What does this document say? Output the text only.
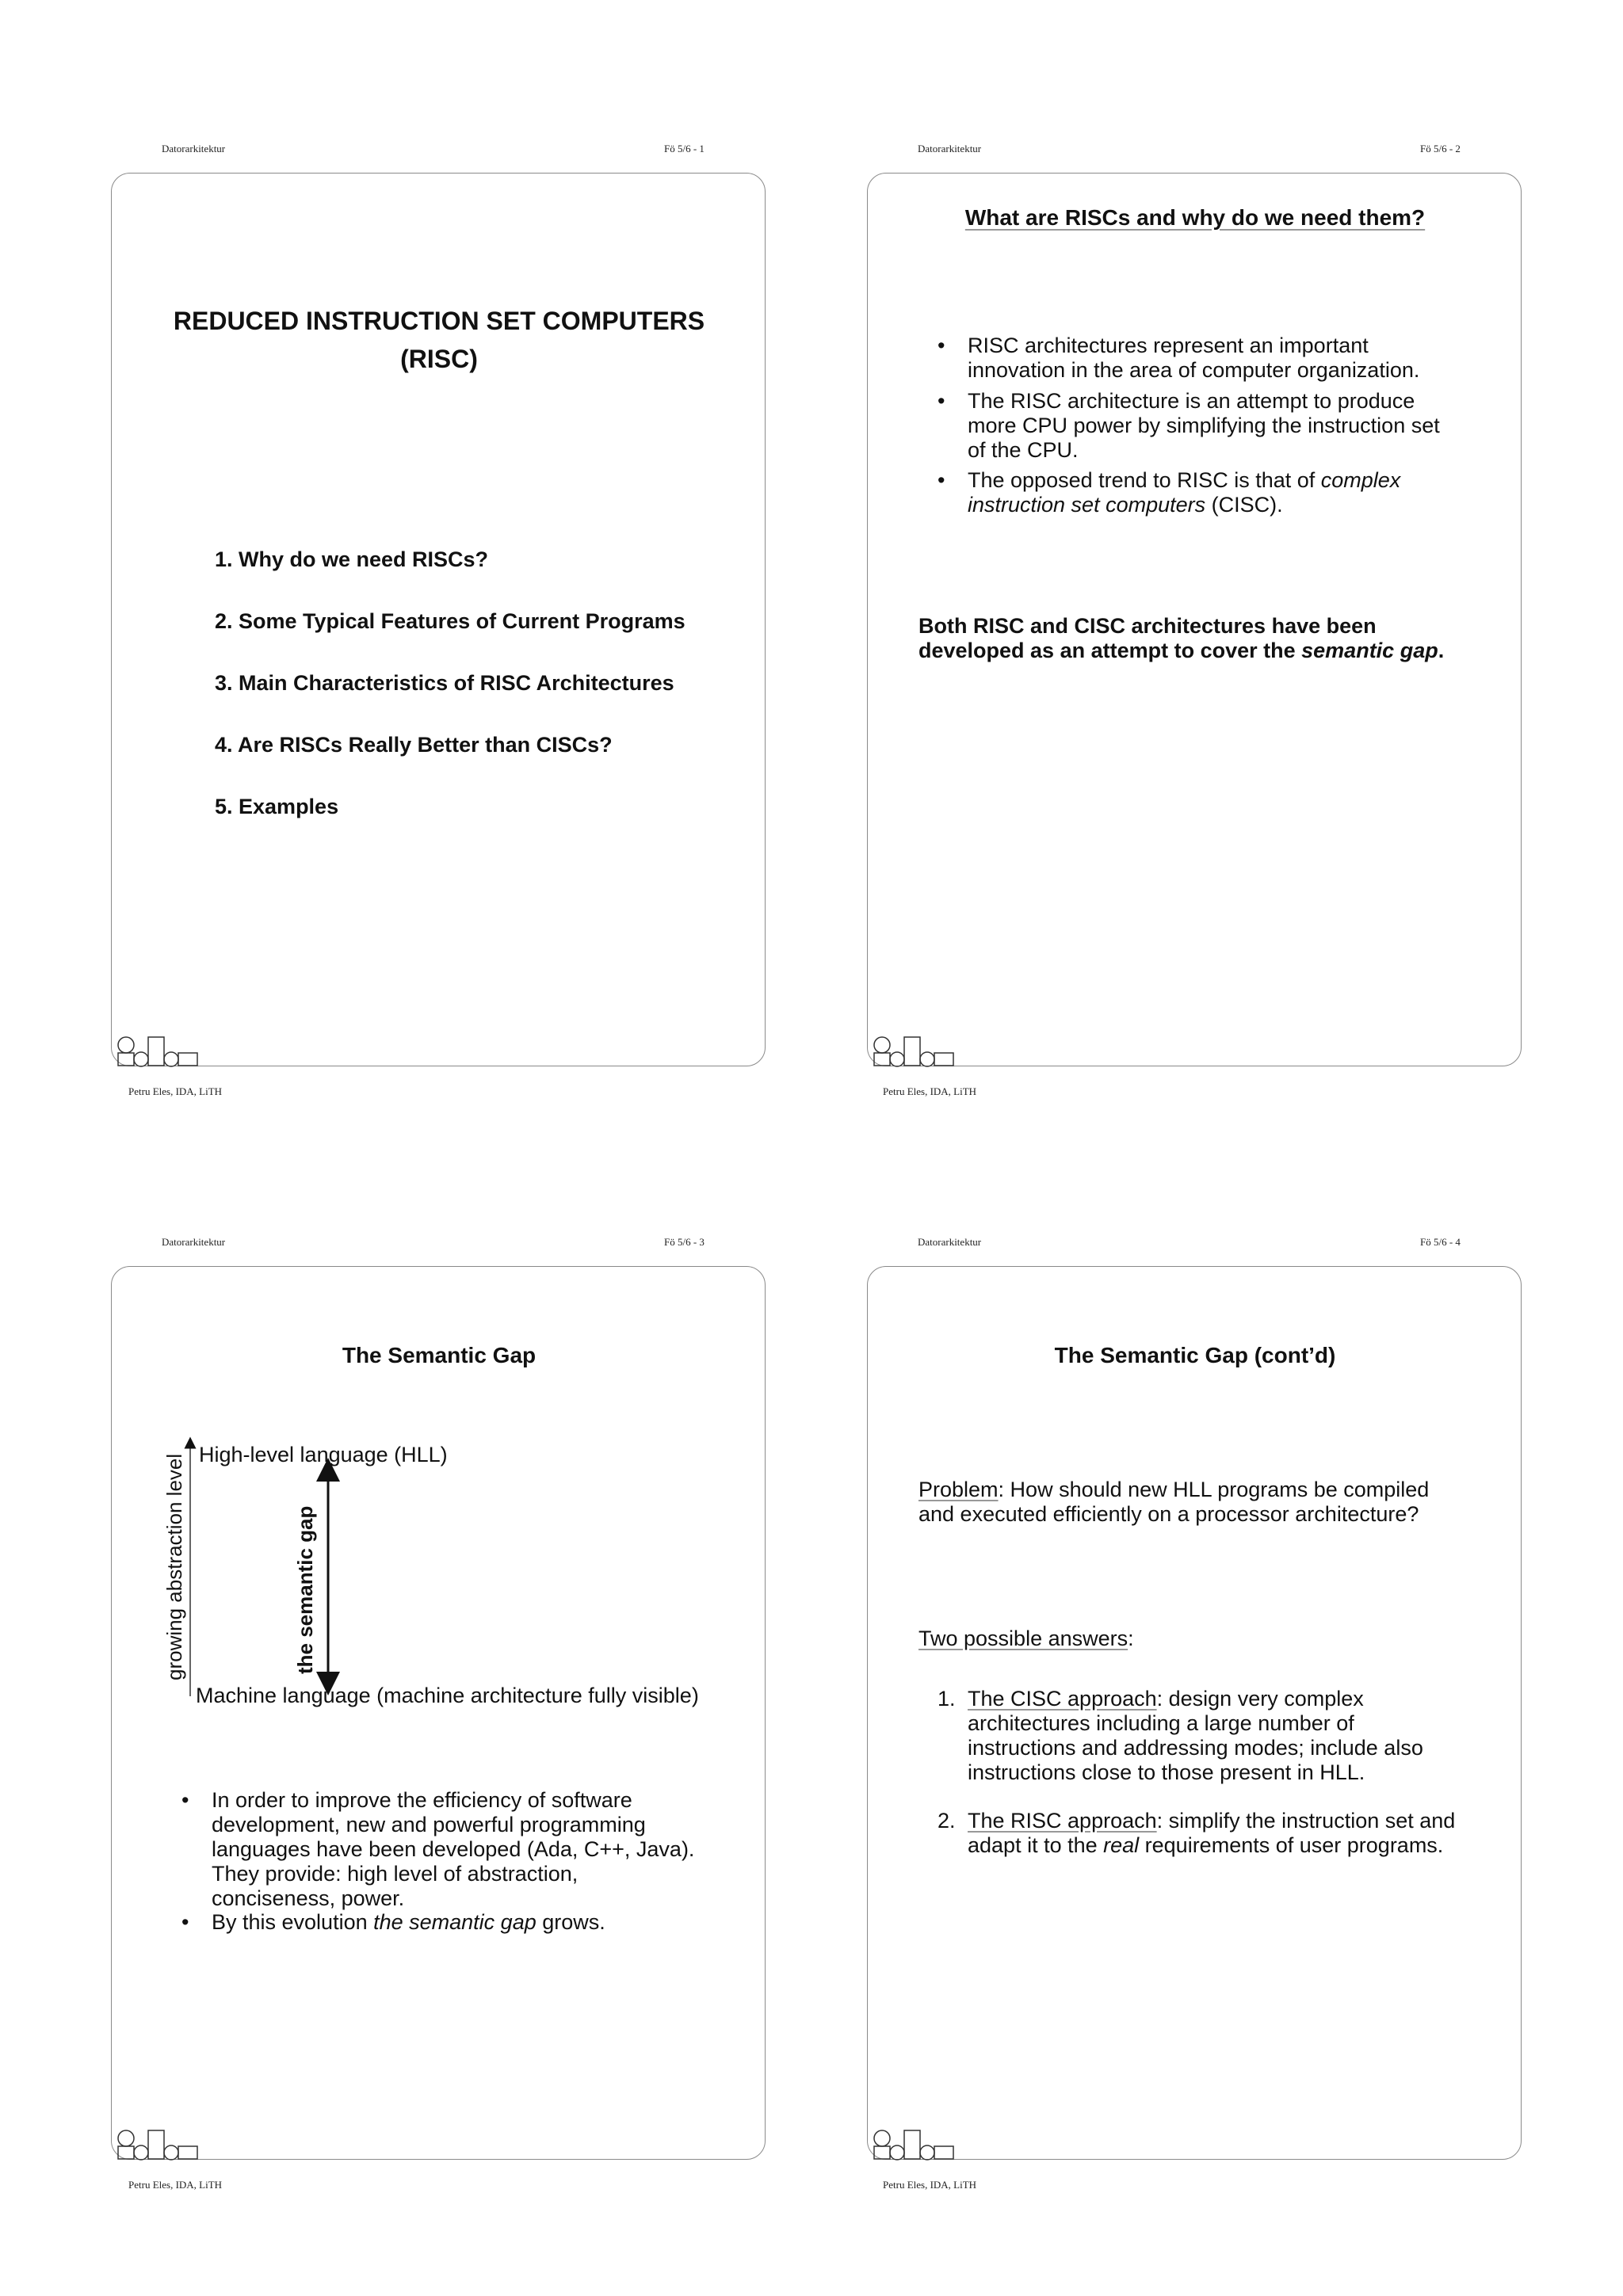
Datorarkitektur	Fö 5/6 - 1
REDUCED INSTRUCTION SET COMPUTERS
(RISC)
1. Why do we need RISCs?
2. Some Typical Features of Current Programs
3. Main Characteristics of RISC Architectures
4. Are RISCs Really Better than CISCs?
5. Examples
Petru Eles, IDA, LiTH
Datorarkitektur	Fö 5/6 - 2
What are RISCs and why do we need them?
• RISC architectures represent an important
innovation in the area of computer organization.
• The RISC architecture is an attempt to produce
more CPU power by simplifying the instruction set
of the CPU.
• The opposed trend to RISC is that of complex
instruction set computers (CISC).
Both RISC and CISC architectures have been
developed as an attempt to cover the semantic gap.
Petru Eles, IDA, LiTH
Datorarkitektur	Fö 5/6 - 3
The Semantic Gap
growing abstraction level	the semantic gap
High-level language (HLL)
Machine language (machine architecture fully visible)
• In order to improve the efficiency of software
development, new and powerful programming
languages have been developed (Ada, C++, Java).
They provide: high level of abstraction,
conciseness, power.
• By this evolution the semantic gap grows.
Petru Eles, IDA, LiTH
Datorarkitektur	Fö 5/6 - 4
The Semantic Gap (cont’d)
Problem: How should new HLL programs be compiled
and executed efficiently on a processor architecture?
Two possible answers:
1. The CISC approach: design very complex
architectures including a large number of
instructions and addressing modes; include also
instructions close to those present in HLL.
2. The RISC approach: simplify the instruction set and
adapt it to the real requirements of user programs.
Petru Eles, IDA, LiTH
